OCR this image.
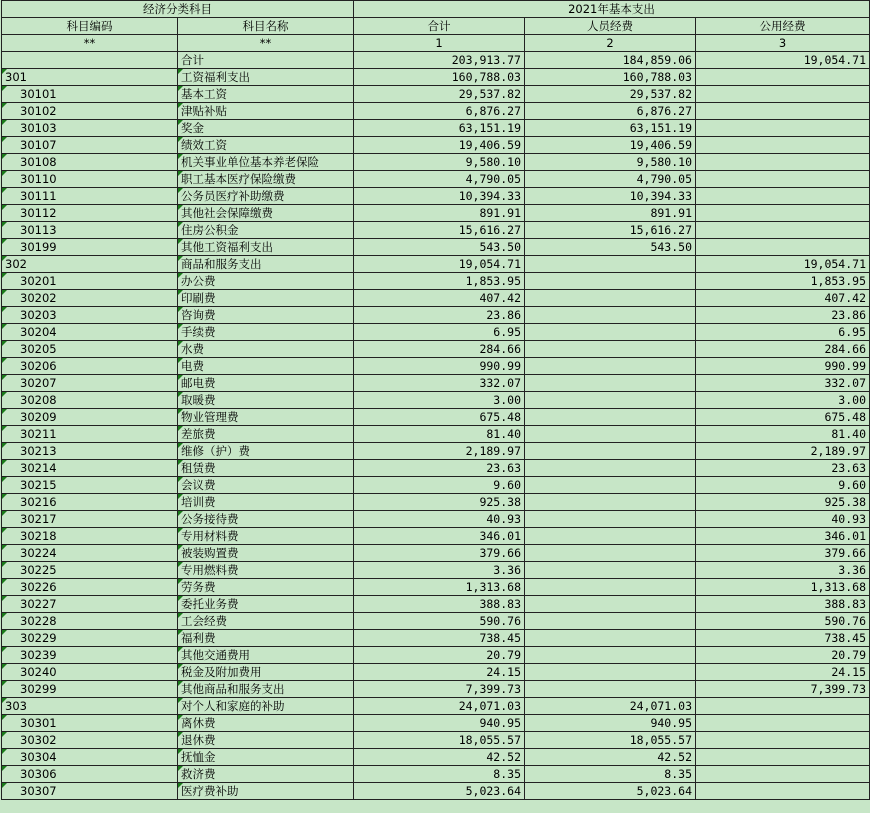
经济分类科目		2021年基本支出		
科目编码	科目名称	合计	人员经费	公用经费
**	**	1	2	3
	合计	203,913.77	184,859.06	19,054.71
301	工资福利支出	160,788.03	160,788.03	
30101	基本工资	29,537.82	29,537.82	
30102	津贴补贴	6,876.27	6,876.27	
30103	奖金	63,151.19	63,151.19	
30107	绩效工资	19,406.59	19,406.59	
30108	机关事业单位基本养老保险	9,580.10	9,580.10	
30110	职工基本医疗保险缴费	4,790.05	4,790.05	
30111	公务员医疗补助缴费	10,394.33	10,394.33	
30112	其他社会保障缴费	891.91	891.91	
30113	住房公积金	15,616.27	15,616.27	
30199	其他工资福利支出	543.50	543.50	
302	商品和服务支出	19,054.71		19,054.71
30201	办公费	1,853.95		1,853.95
30202	印刷费	407.42		407.42
30203	咨询费	23.86		23.86
30204	手续费	6.95		6.95
30205	水费	284.66		284.66
30206	电费	990.99		990.99
30207	邮电费	332.07		332.07
30208	取暖费	3.00		3.00
30209	物业管理费	675.48		675.48
30211	差旅费	81.40		81.40
30213	维修（护）费	2,189.97		2,189.97
30214	租赁费	23.63		23.63
30215	会议费	9.60		9.60
30216	培训费	925.38		925.38
30217	公务接待费	40.93		40.93
30218	专用材料费	346.01		346.01
30224	被装购置费	379.66		379.66
30225	专用燃料费	3.36		3.36
30226	劳务费	1,313.68		1,313.68
30227	委托业务费	388.83		388.83
30228	工会经费	590.76		590.76
30229	福利费	738.45		738.45
30239	其他交通费用	20.79		20.79
30240	税金及附加费用	24.15		24.15
30299	其他商品和服务支出	7,399.73		7,399.73
303	对个人和家庭的补助	24,071.03	24,071.03	
30301	离休费	940.95	940.95	
30302	退休费	18,055.57	18,055.57	
30304	抚恤金	42.52	42.52	
30306	救济费	8.35	8.35	
30307	医疗费补助	5,023.64	5,023.64	
